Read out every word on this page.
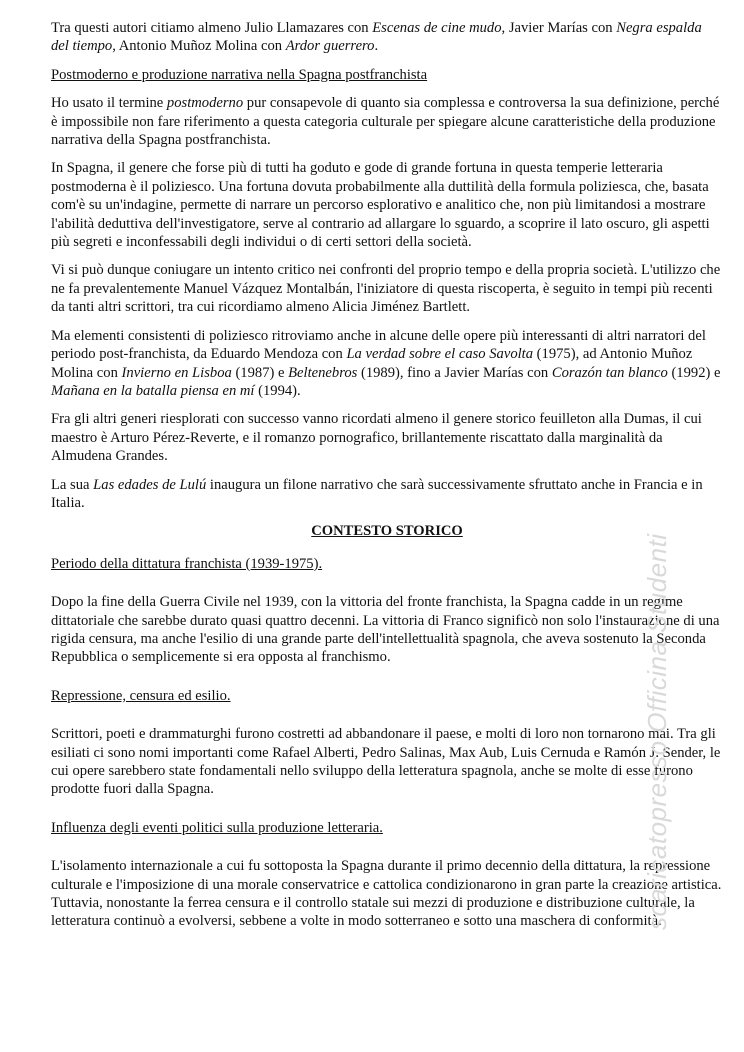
Tra questi autori citiamo almeno Julio Llamazares con Escenas de cine mudo, Javier Marías con Negra espalda del tiempo, Antonio Muñoz Molina con Ardor guerrero.

Postmoderno e produzione narrativa nella Spagna postfranchista

Ho usato il termine postmoderno pur consapevole di quanto sia complessa e controversa la sua definizione, perché è impossibile non fare riferimento a questa categoria culturale per spiegare alcune caratteristiche della produzione narrativa della Spagna postfranchista.

In Spagna, il genere che forse più di tutti ha goduto e gode di grande fortuna in questa temperie letteraria postmoderna è il poliziesco. Una fortuna dovuta probabilmente alla duttilità della formula poliziesca, che, basata com'è su un'indagine, permette di narrare un percorso esplorativo e analitico che, non più limitandosi a mostrare l'abilità deduttiva dell'investigatore, serve al contrario ad allargare lo sguardo, a scoprire il lato oscuro, gli aspetti più segreti e inconfessabili degli individui o di certi settori della società.

Vi si può dunque coniugare un intento critico nei confronti del proprio tempo e della propria società. L'utilizzo che ne fa prevalentemente Manuel Vázquez Montalbán, l'iniziatore di questa riscoperta, è seguito in tempi più recenti da tanti altri scrittori, tra cui ricordiamo almeno Alicia Jiménez Bartlett.

Ma elementi consistenti di poliziesco ritroviamo anche in alcune delle opere più interessanti di altri narratori del periodo post-franchista, da Eduardo Mendoza con La verdad sobre el caso Savolta (1975), ad Antonio Muñoz Molina con Invierno en Lisboa (1987) e Beltenebros (1989), fino a Javier Marías con Corazón tan blanco (1992) e Mañana en la batalla piensa en mí (1994).

Fra gli altri generi riesplorati con successo vanno ricordati almeno il genere storico feuilleton alla Dumas, il cui maestro è Arturo Pérez-Reverte, e il romanzo pornografico, brillantemente riscattato dalla marginalità da Almudena Grandes.

La sua Las edades de Lulú inaugura un filone narrativo che sarà successivamente sfruttato anche in Francia e in Italia.

CONTESTO STORICO
Periodo della dittatura franchista (1939-1975).

Dopo la fine della Guerra Civile nel 1939, con la vittoria del fronte franchista, la Spagna cadde in un regime dittatoriale che sarebbe durato quasi quattro decenni. La vittoria di Franco significò non solo l'instaurazione di una rigida censura, ma anche l'esilio di una grande parte dell'intellettualità spagnola, che aveva sostenuto la Seconda Repubblica o semplicemente si era opposta al franchismo.

Repressione, censura ed esilio.

Scrittori, poeti e drammaturghi furono costretti ad abbandonare il paese, e molti di loro non tornarono mai. Tra gli esiliati ci sono nomi importanti come Rafael Alberti, Pedro Salinas, Max Aub, Luis Cernuda e Ramón J. Sender, le cui opere sarebbero state fondamentali nello sviluppo della letteratura spagnola, anche se molte di esse furono prodotte fuori dalla Spagna.

Influenza degli eventi politici sulla produzione letteraria.

L'isolamento internazionale a cui fu sottoposta la Spagna durante il primo decennio della dittatura, la repressione culturale e l'imposizione di una morale conservatrice e cattolica condizionarono in gran parte la creazione artistica. Tuttavia, nonostante la ferrea censura e il controllo statale sui mezzi di produzione e distribuzione culturale, la letteratura continuò a evolversi, sebbene a volte in modo sotterraneo e sotto una maschera di conformità.

scaricatopresso Officina Studenti
